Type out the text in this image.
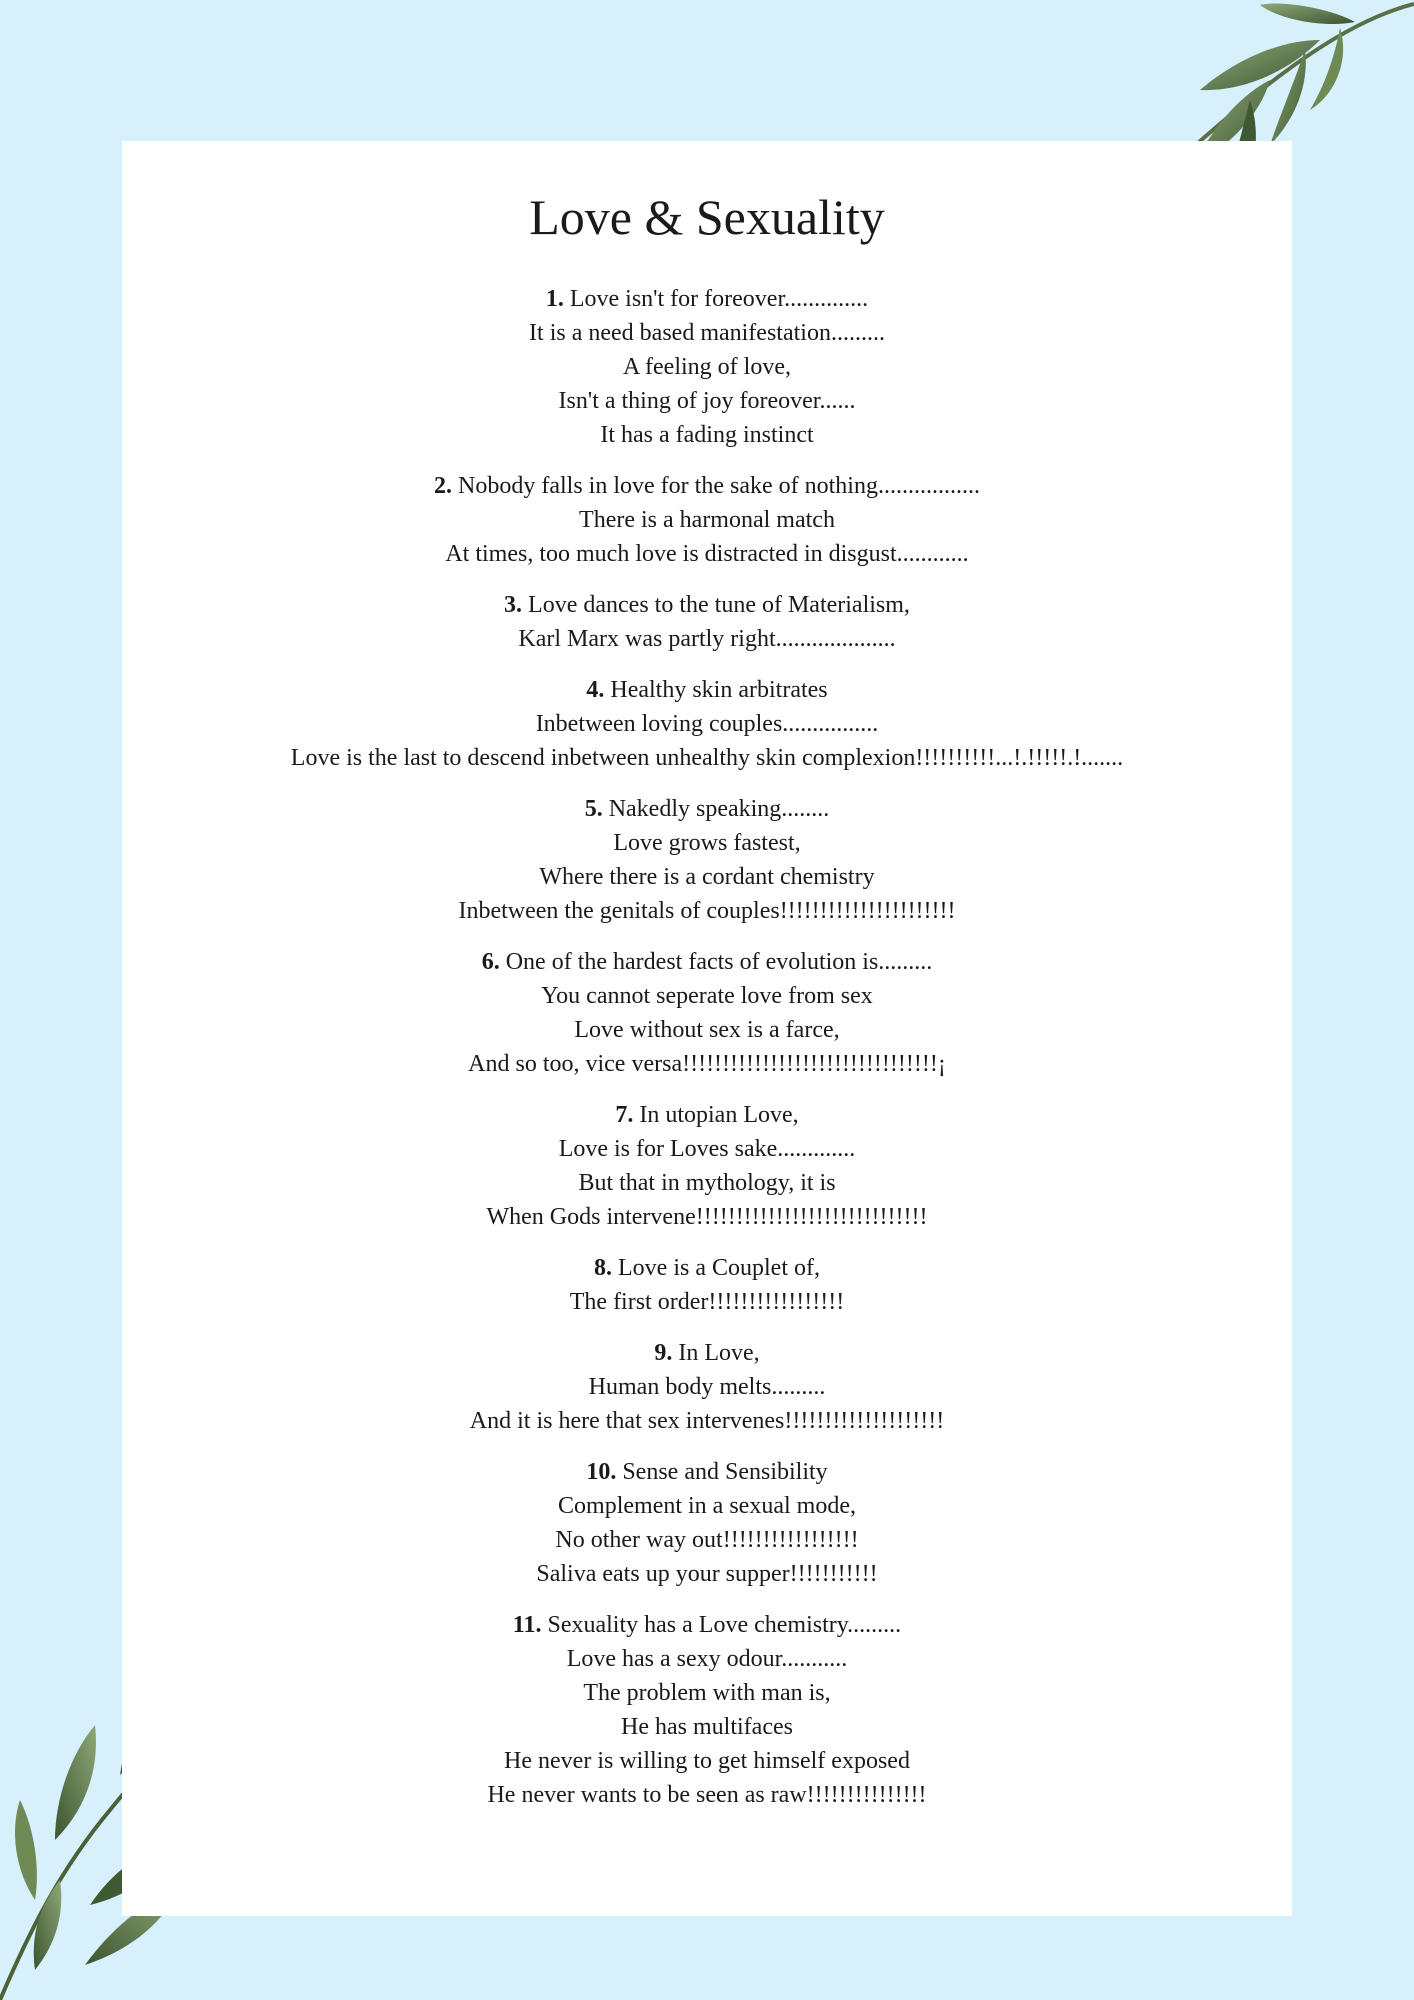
Love & Sexuality
1. Love isn't for foreover..............
It is a need based manifestation.........
A feeling of love,
Isn't a thing of joy foreover......
It has a fading instinct
2. Nobody falls in love for the sake of nothing.................
There is a harmonal match
At times, too much love is distracted in disgust............
3. Love dances to the tune of Materialism,
Karl Marx was partly right....................
4. Healthy skin arbitrates
Inbetween loving couples................
Love is the last to descend inbetween unhealthy skin complexion!!!!!!!!!!...!.!!!!!.!.......
5. Nakedly speaking........
Love grows fastest,
Where there is a cordant chemistry
Inbetween the genitals of couples!!!!!!!!!!!!!!!!!!!!!!
6. One of the hardest facts of evolution is.........
You cannot seperate love from sex
Love without sex is a farce,
And so too, vice versa!!!!!!!!!!!!!!!!!!!!!!!!!!!!!!!!¡
7. In utopian Love,
Love is for Loves sake.............
But that in mythology, it is
When Gods intervene!!!!!!!!!!!!!!!!!!!!!!!!!!!!!
8. Love is a Couplet of,
The first order!!!!!!!!!!!!!!!!!
9. In Love,
Human body melts.........
And it is here that sex intervenes!!!!!!!!!!!!!!!!!!!!
10. Sense and Sensibility
Complement in a sexual mode,
No other way out!!!!!!!!!!!!!!!!!
Saliva eats up your supper!!!!!!!!!!!
11. Sexuality has a Love chemistry.........
Love has a sexy odour...........
The problem with man is,
He has multifaces
He never is willing to get himself exposed
He never wants to be seen as raw!!!!!!!!!!!!!!!
